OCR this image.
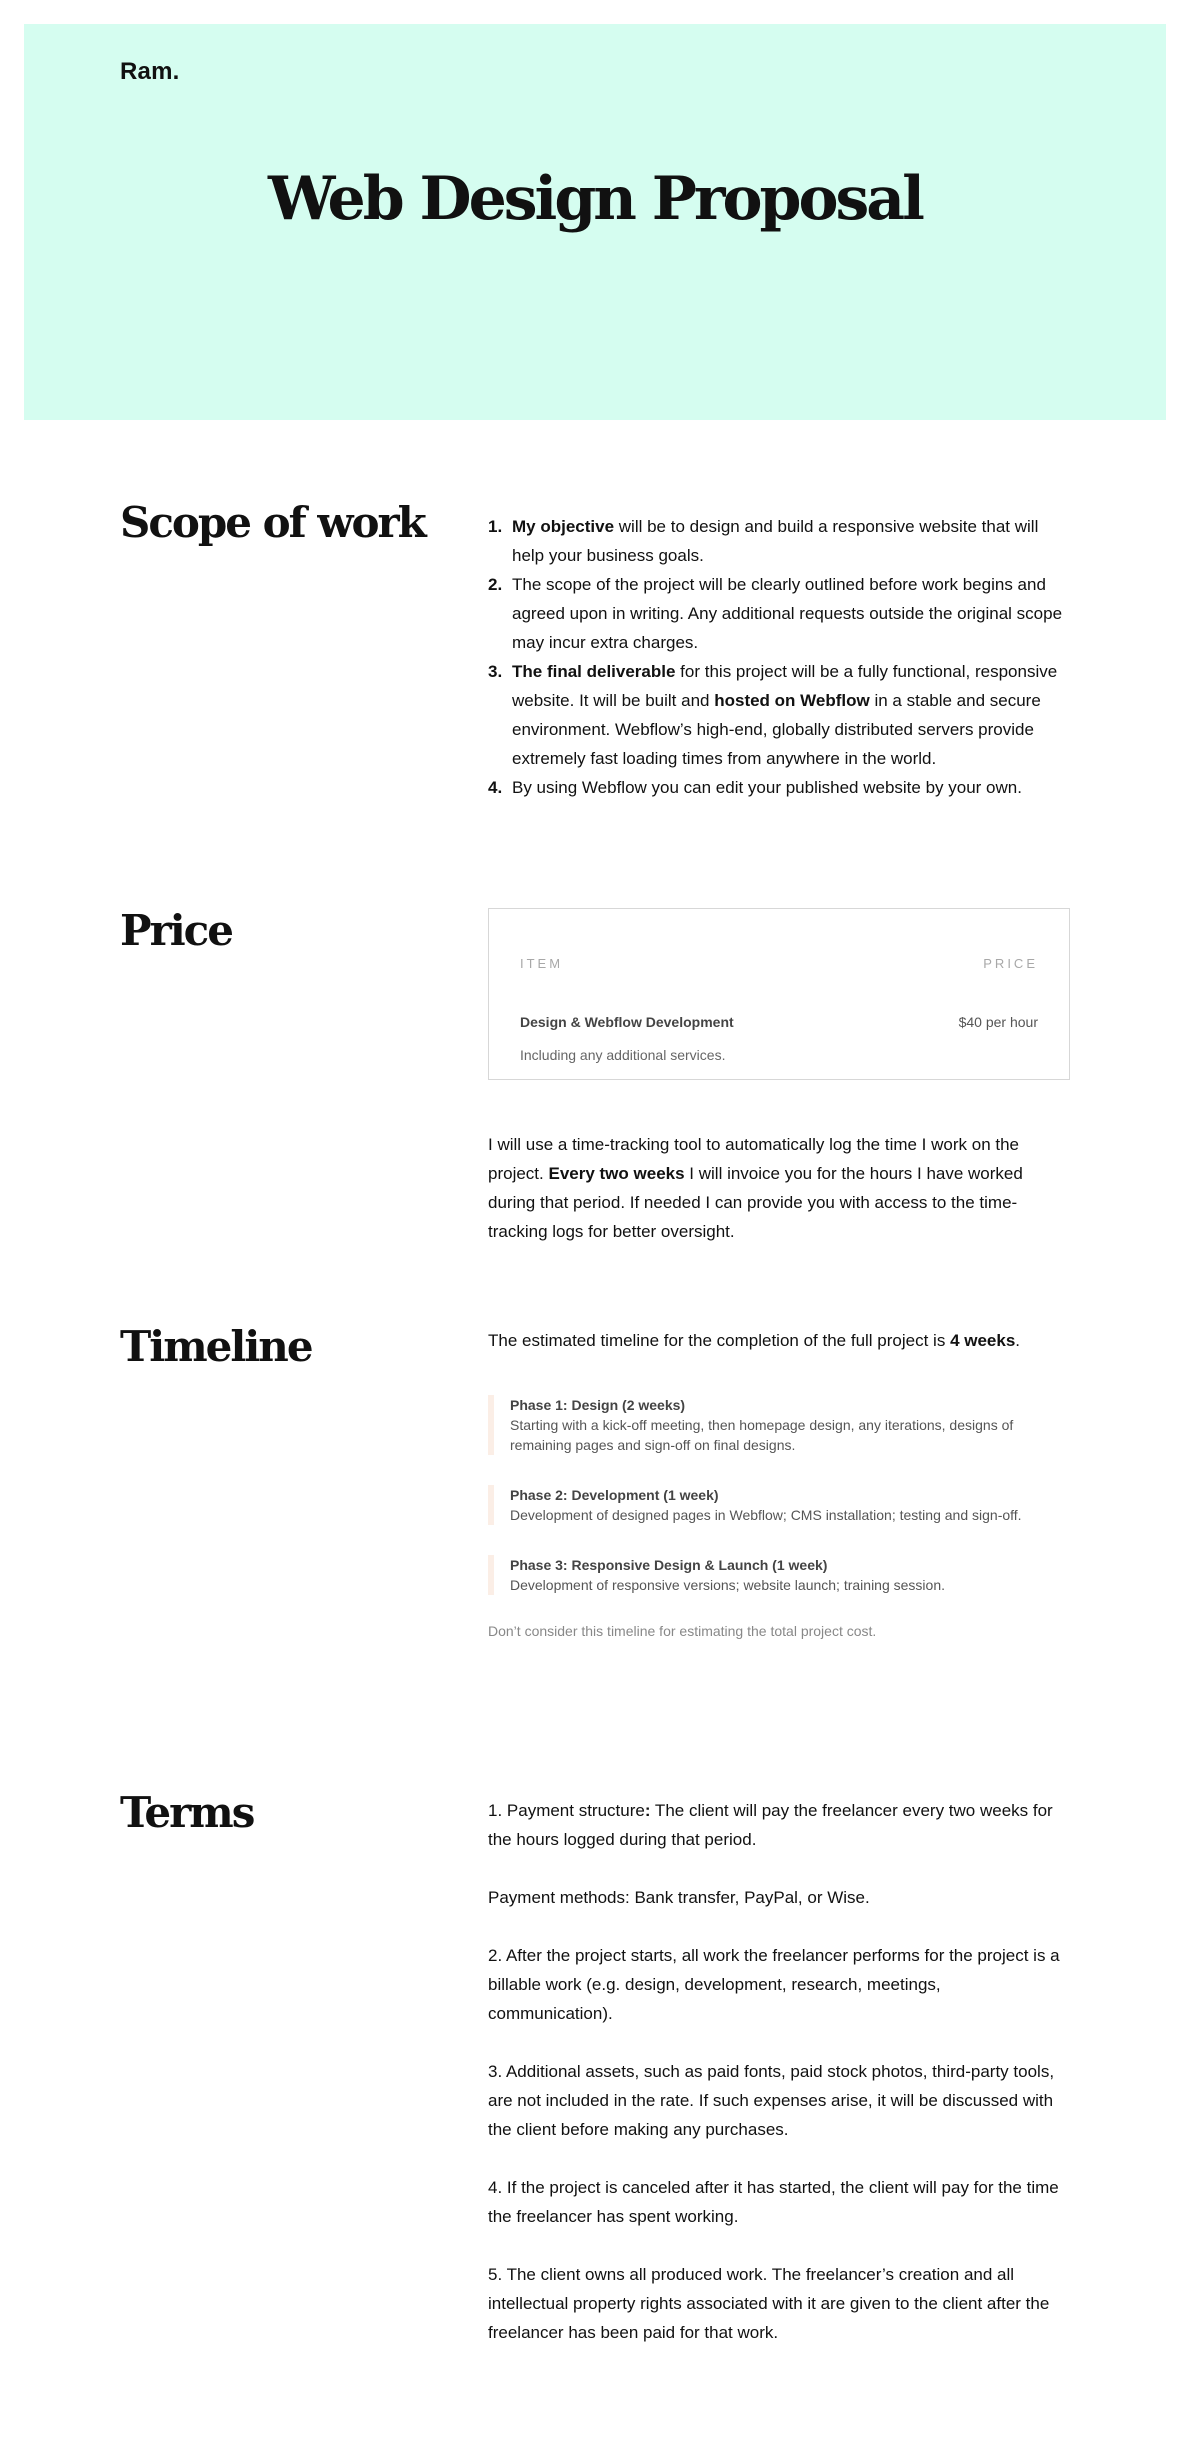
Ram.
Web Design Proposal
Scope of work	1. My objective will be to design and build a responsive website that will help your business goals.
2. The scope of the project will be clearly outlined before work begins and agreed upon in writing. Any additional requests outside the original scope may incur extra charges.
3. The final deliverable for this project will be a fully functional, responsive website. It will be built and hosted on Webflow in a stable and secure environment. Webflow’s high-end, globally distributed servers provide extremely fast loading times from anywhere in the world.
4. By using Webflow you can edit your published website by your own.
Price
ITEM	PRICE
Design & Webflow Development	$40 per hour
Including any additional services.

I will use a time-tracking tool to automatically log the time I work on the project. Every two weeks I will invoice you for the hours I have worked during that period. If needed I can provide you with access to the time-tracking logs for better oversight.

Timeline	The estimated timeline for the completion of the full project is 4 weeks.

Phase 1: Design (2 weeks)
Starting with a kick-off meeting, then homepage design, any iterations, designs of remaining pages and sign-off on final designs.
Phase 2: Development (1 week)
Development of designed pages in Webflow; CMS installation; testing and sign-off.
Phase 3: Responsive Design & Launch (1 week)
Development of responsive versions; website launch; training session.

Don’t consider this timeline for estimating the total project cost.

Terms	1. Payment structure: The client will pay the freelancer every two weeks for the hours logged during that period.

Payment methods: Bank transfer, PayPal, or Wise.

2. After the project starts, all work the freelancer performs for the project is a billable work (e.g. design, development, research, meetings, communication).

3. Additional assets, such as paid fonts, paid stock photos, third-party tools, are not included in the rate. If such expenses arise, it will be discussed with the client before making any purchases.

4. If the project is canceled after it has started, the client will pay for the time the freelancer has spent working.

5. The client owns all produced work. The freelancer’s creation and all intellectual property rights associated with it are given to the client after the freelancer has been paid for that work.
